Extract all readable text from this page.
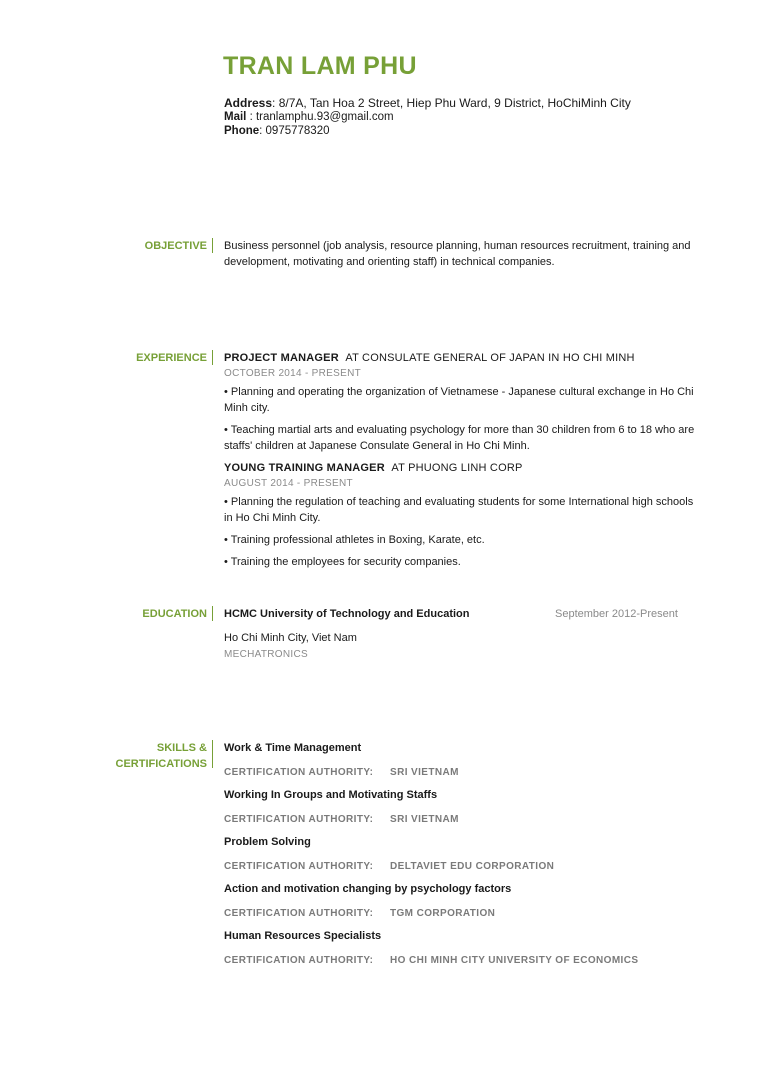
TRAN LAM PHU
Address: 8/7A, Tan Hoa 2 Street, Hiep Phu Ward, 9 District, HoChiMinh City
Mail : tranlamphu.93@gmail.com
Phone: 0975778320
OBJECTIVE Business personnel (job analysis, resource planning, human resources recruitment, training and development, motivating and orienting staff) in technical companies.
EXPERIENCE PROJECT MANAGER AT CONSULATE GENERAL OF JAPAN IN HO CHI MINH
OCTOBER 2014 - PRESENT
• Planning and operating the organization of Vietnamese - Japanese cultural exchange in Ho Chi Minh city.
• Teaching martial arts and evaluating psychology for more than 30 children from 6 to 18 who are staffs' children at Japanese Consulate General in Ho Chi Minh.
YOUNG TRAINING MANAGER AT PHUONG LINH CORP
AUGUST 2014 - PRESENT
• Planning the regulation of teaching and evaluating students for some International high schools in Ho Chi Minh City.
• Training professional athletes in Boxing, Karate, etc.
• Training the employees for security companies.
EDUCATION HCMC University of Technology and Education	September 2012-Present
Ho Chi Minh City, Viet Nam
MECHATRONICS
SKILLS &
CERTIFICATIONS
Work & Time Management
CERTIFICATION AUTHORITY: SRI VIETNAM
Working In Groups and Motivating Staffs
CERTIFICATION AUTHORITY: SRI VIETNAM
Problem Solving
CERTIFICATION AUTHORITY: DELTAVIET EDU CORPORATION
Action and motivation changing by psychology factors
CERTIFICATION AUTHORITY: TGM CORPORATION
Human Resources Specialists
CERTIFICATION AUTHORITY: HO CHI MINH CITY UNIVERSITY OF ECONOMICS
